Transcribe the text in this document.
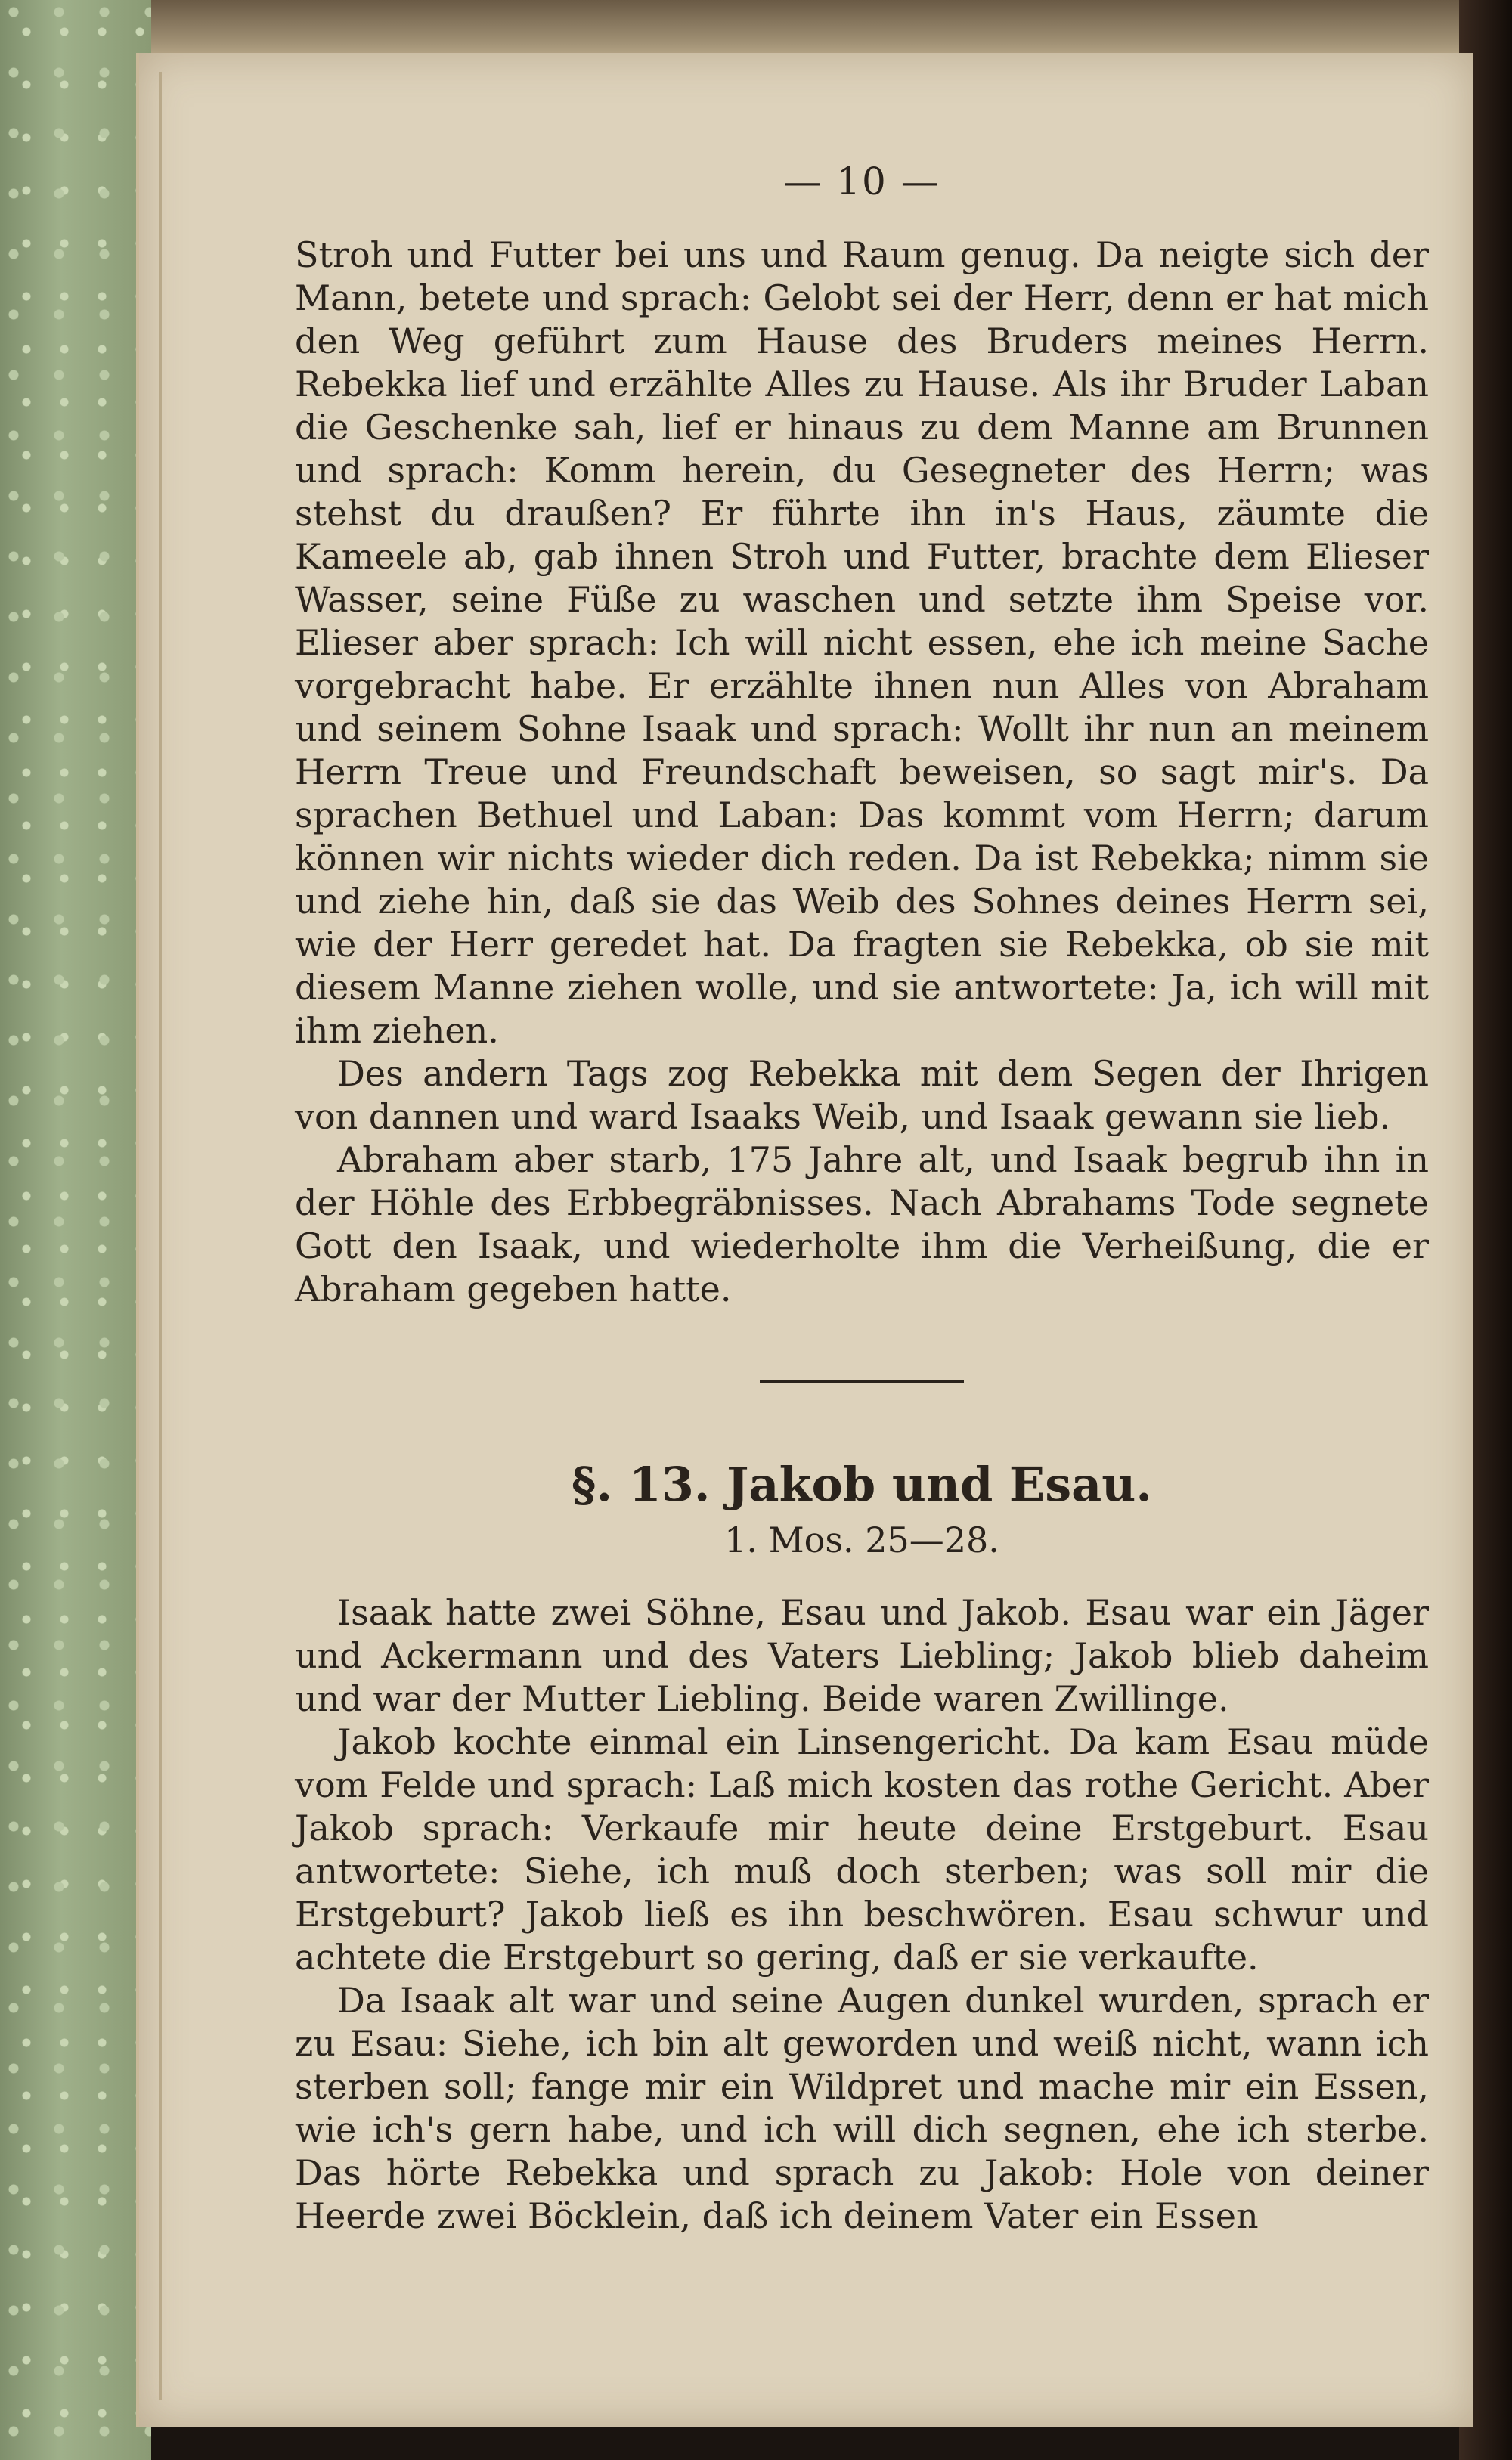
— 10 —

Stroh und Futter bei uns und Raum genug. Da neigte sich der Mann, betete und sprach: Gelobt sei der Herr, denn er hat mich den Weg geführt zum Hause des Bruders meines Herrn. Rebekka lief und erzählte Alles zu Hause. Als ihr Bruder Laban die Geschenke sah, lief er hinaus zu dem Manne am Brunnen und sprach: Komm herein, du Gesegneter des Herrn; was stehst du draußen? Er führte ihn in's Haus, zäumte die Kameele ab, gab ihnen Stroh und Futter, brachte dem Elieser Wasser, seine Füße zu waschen und setzte ihm Speise vor. Elieser aber sprach: Ich will nicht essen, ehe ich meine Sache vorgebracht habe. Er erzählte ihnen nun Alles von Abraham und seinem Sohne Isaak und sprach: Wollt ihr nun an meinem Herrn Treue und Freundschaft beweisen, so sagt mir's. Da sprachen Bethuel und Laban: Das kommt vom Herrn; darum können wir nichts wieder dich reden. Da ist Rebekka; nimm sie und ziehe hin, daß sie das Weib des Sohnes deines Herrn sei, wie der Herr geredet hat. Da fragten sie Rebekka, ob sie mit diesem Manne ziehen wolle, und sie antwortete: Ja, ich will mit ihm ziehen.

Des andern Tags zog Rebekka mit dem Segen der Ihrigen von dannen und ward Isaaks Weib, und Isaak gewann sie lieb.

Abraham aber starb, 175 Jahre alt, und Isaak begrub ihn in der Höhle des Erbbegräbnisses. Nach Abrahams Tode segnete Gott den Isaak, und wiederholte ihm die Verheißung, die er Abraham gegeben hatte.

§. 13. Jakob und Esau.
1. Mos. 25—28.

Isaak hatte zwei Söhne, Esau und Jakob. Esau war ein Jäger und Ackermann und des Vaters Liebling; Jakob blieb daheim und war der Mutter Liebling. Beide waren Zwillinge.

Jakob kochte einmal ein Linsengericht. Da kam Esau müde vom Felde und sprach: Laß mich kosten das rothe Gericht. Aber Jakob sprach: Verkaufe mir heute deine Erstgeburt. Esau antwortete: Siehe, ich muß doch sterben; was soll mir die Erstgeburt? Jakob ließ es ihn beschwören. Esau schwur und achtete die Erstgeburt so gering, daß er sie verkaufte.

Da Isaak alt war und seine Augen dunkel wurden, sprach er zu Esau: Siehe, ich bin alt geworden und weiß nicht, wann ich sterben soll; fange mir ein Wildpret und mache mir ein Essen, wie ich's gern habe, und ich will dich segnen, ehe ich sterbe. Das hörte Rebekka und sprach zu Jakob: Hole von deiner Heerde zwei Böcklein, daß ich deinem Vater ein Essen
